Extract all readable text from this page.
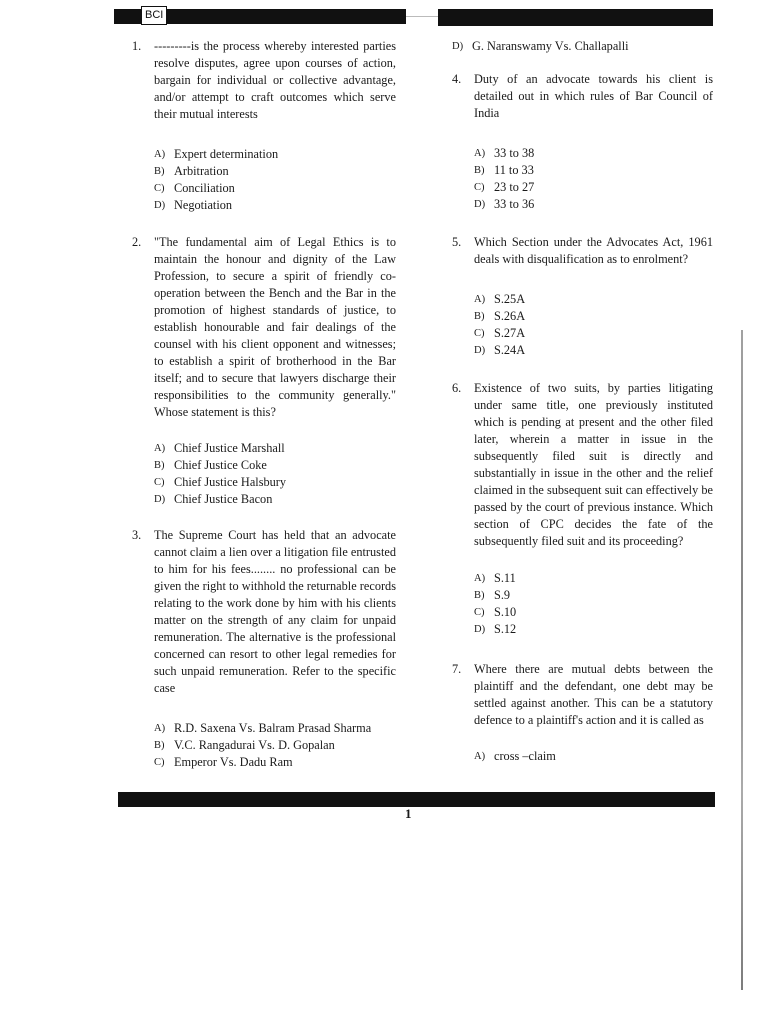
BCI
1. ---------is the process whereby interested parties resolve disputes, agree upon courses of action, bargain for individual or collective advantage, and/or attempt to craft outcomes which serve their mutual interests
A) Expert determination
B) Arbitration
C) Conciliation
D) Negotiation
2. "The fundamental aim of Legal Ethics is to maintain the honour and dignity of the Law Profession, to secure a spirit of friendly co-operation between the Bench and the Bar in the promotion of highest standards of justice, to establish honourable and fair dealings of the counsel with his client opponent and witnesses; to establish a spirit of brotherhood in the Bar itself; and to secure that lawyers discharge their responsibilities to the community generally." Whose statement is this?
A) Chief Justice Marshall
B) Chief Justice Coke
C) Chief Justice Halsbury
D) Chief Justice Bacon
3. The Supreme Court has held that an advocate cannot claim a lien over a litigation file entrusted to him for his fees........ no professional can be given the right to withhold the returnable records relating to the work done by him with his clients matter on the strength of any claim for unpaid remuneration. The alternative is the professional concerned can resort to other legal remedies for such unpaid remuneration. Refer to the specific case
A) R.D. Saxena Vs. Balram Prasad Sharma
B) V.C. Rangadurai Vs. D. Gopalan
C) Emperor Vs. Dadu Ram
D) G. Naranswamy Vs. Challapalli
4. Duty of an advocate towards his client is detailed out in which rules of Bar Council of India
A) 33 to 38
B) 11 to 33
C) 23 to 27
D) 33 to 36
5. Which Section under the Advocates Act, 1961 deals with disqualification as to enrolment?
A) S.25A
B) S.26A
C) S.27A
D) S.24A
6. Existence of two suits, by parties litigating under same title, one previously instituted which is pending at present and the other filed later, wherein a matter in issue in the subsequently filed suit is directly and substantially in issue in the other and the relief claimed in the subsequent suit can effectively be passed by the court of previous instance. Which section of CPC decides the fate of the subsequently filed suit and its proceeding?
A) S.11
B) S.9
C) S.10
D) S.12
7. Where there are mutual debts between the plaintiff and the defendant, one debt may be settled against another. This can be a statutory defence to a plaintiff's action and it is called as
A) cross –claim
1
